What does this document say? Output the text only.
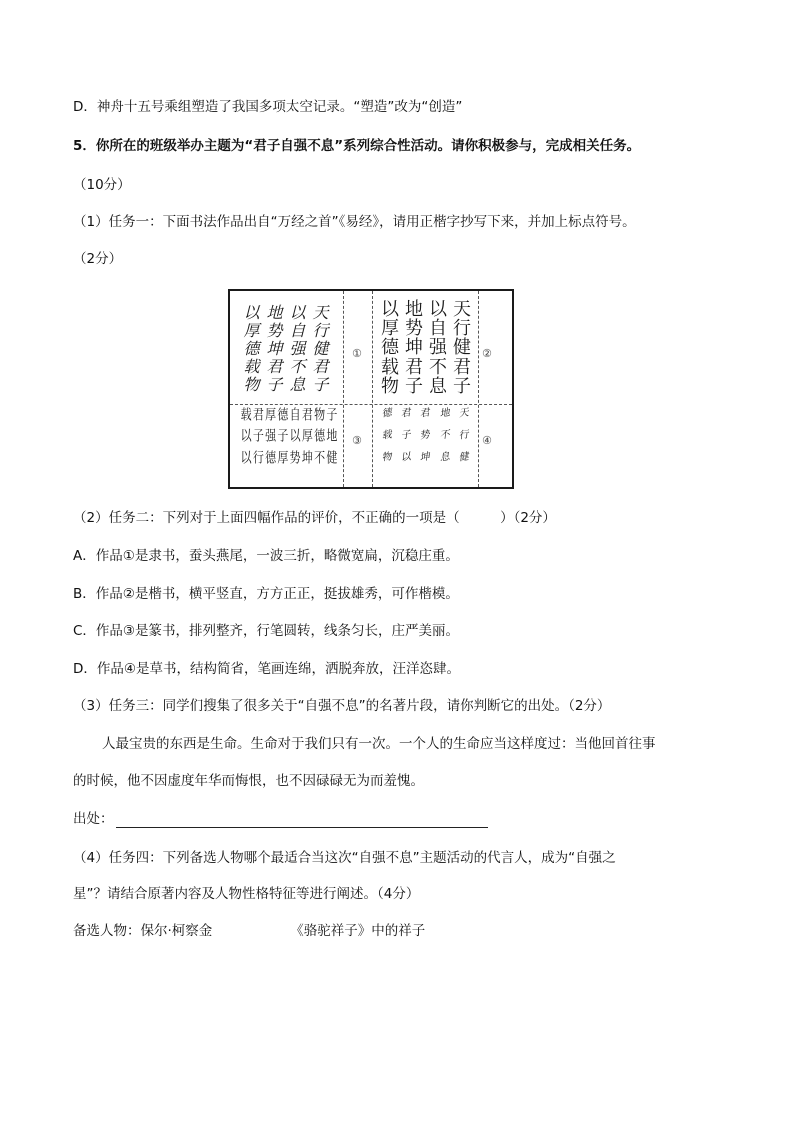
D．神舟十五号乘组塑造了我国多项太空记录。“塑造”改为“创造”
5．你所在的班级举办主题为“君子自强不息”系列综合性活动。请你积极参与，完成相关任务。
（10分）
（1）任务一：下面书法作品出自“万经之首”《易经》，请用正楷字抄写下来，并加上标点符号。
（2分）
①	②
③	④
以 地 以 天
厚 势 自 行
德 坤 强 健
载 君 不 君
物 子 息 子
以 地 以 天
厚 势 自 行
德 坤 强 健
载 君 不 君
物 子 息 子
载 君 厚 德 自 君 物 子
以 子 强 子 以 厚 德 地
以 行 德 厚 势 坤 不 健
德 君 君 地 天
载 子 势 不 行
物 以 坤 息 健
（2）任务二：下列对于上面四幅作品的评价，不正确的一项是（　　　）（2分）
A．作品①是隶书，蚕头燕尾，一波三折，略微宽扁，沉稳庄重。
B．作品②是楷书，横平竖直，方方正正，挺拔雄秀，可作楷模。
C．作品③是篆书，排列整齐，行笔圆转，线条匀长，庄严美丽。
D．作品④是草书，结构简省，笔画连绵，洒脱奔放，汪洋恣肆。
（3）任务三：同学们搜集了很多关于“自强不息”的名著片段，请你判断它的出处。（2分）
人最宝贵的东西是生命。生命对于我们只有一次。一个人的生命应当这样度过：当他回首往事
的时候，他不因虚度年华而悔恨，也不因碌碌无为而羞愧。
出处：
（4）任务四：下列备选人物哪个最适合当这次“自强不息”主题活动的代言人，成为“自强之
星”？请结合原著内容及人物性格特征等进行阐述。（4分）
备选人物：保尔·柯察金	《骆驼祥子》中的祥子
